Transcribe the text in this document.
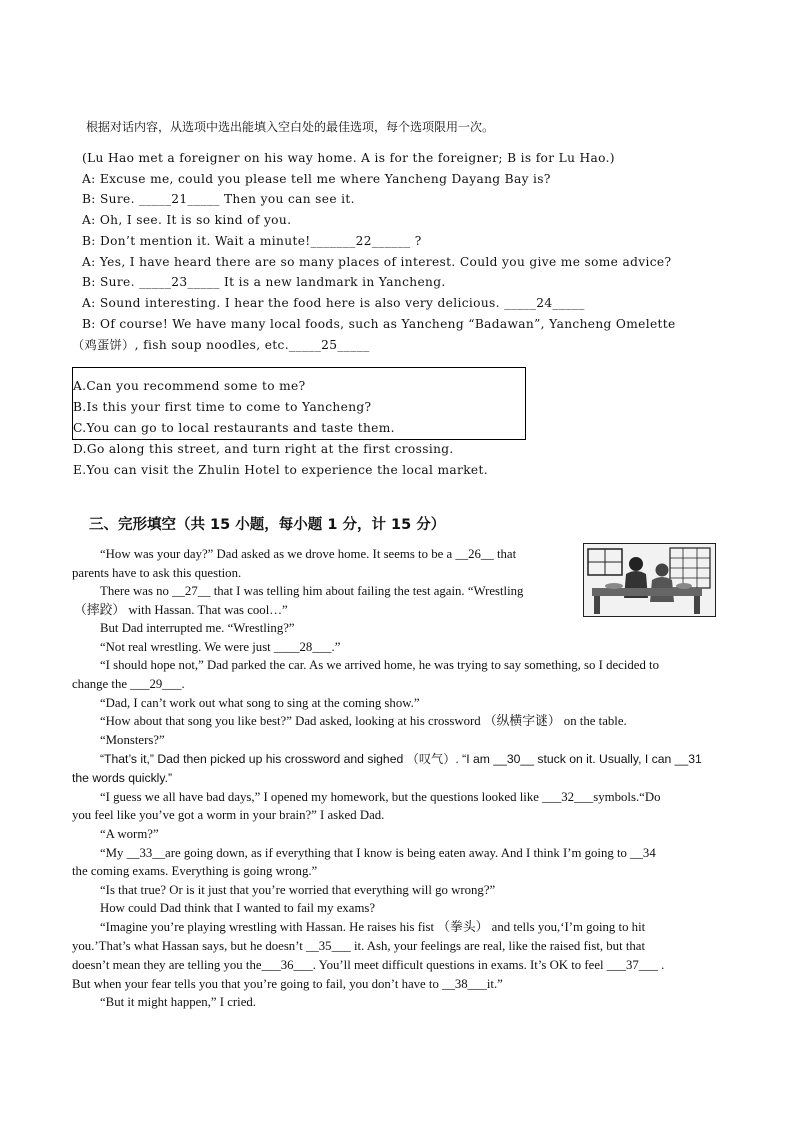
根据对话内容，从选项中选出能填入空白处的最佳选项，每个选项限用一次。
(Lu Hao met a foreigner on his way home. A is for the foreigner; B is for Lu Hao.)
A: Excuse me, could you please tell me where Yancheng Dayang Bay is?
B: Sure. _____21_____ Then you can see it.
A: Oh, I see. It is so kind of you.
B: Don’t mention it. Wait a minute!_______22______ ?
A: Yes, I have heard there are so many places of interest. Could you give me some advice?
B: Sure. _____23_____ It is a new landmark in Yancheng.
A: Sound interesting. I hear the food here is also very delicious. _____24_____
B: Of course! We have many local foods, such as Yancheng “Badawan”, Yancheng Omelette
（鸡蛋饼）, fish soup noodles, etc._____25_____
A.Can you recommend some to me?
B.Is this your first time to come to Yancheng?
C.You can go to local restaurants and taste them.
D.Go along this street, and turn right at the first crossing.
E.You can visit the Zhulin Hotel to experience the local market.
三、完形填空（共 15 小题，每小题 1 分，计 15 分）
“How was your day?” Dad asked as we drove home. It seems to be a __26__ that
parents have to ask this question.
There was no __27__ that I was telling him about failing the test again. “Wrestling
（摔跤） with Hassan. That was cool…”
But Dad interrupted me. “Wrestling?”
“Not real wrestling. We were just ____28___.”
“I should hope not,” Dad parked the car. As we arrived home, he was trying to say something, so I decided to
change the ___29___.
“Dad, I can’t work out what song to sing at the coming show.”
“How about that song you like best?” Dad asked, looking at his crossword （纵横字谜） on the table.
“Monsters?”
“That’s it,” Dad then picked up his crossword and sighed （叹气）. “I am __30__ stuck on it. Usually, I can __31
the words quickly.”
“I guess we all have bad days,” I opened my homework, but the questions looked like ___32___symbols.“Do
you feel like you’ve got a worm in your brain?” I asked Dad.
“A worm?”
“My __33__are going down, as if everything that I know is being eaten away. And I think I’m going to __34
the coming exams. Everything is going wrong.”
“Is that true? Or is it just that you’re worried that everything will go wrong?”
How could Dad think that I wanted to fail my exams?
“Imagine you’re playing wrestling with Hassan. He raises his fist （拳头） and tells you,‘I’m going to hit
you.’That’s what Hassan says, but he doesn’t __35___ it. Ash, your feelings are real, like the raised fist, but that
doesn’t mean they are telling you the___36___. You’ll meet difficult questions in exams. It’s OK to feel ___37___ .
But when your fear tells you that you’re going to fail, you don’t have to __38___it.”
“But it might happen,” I cried.
